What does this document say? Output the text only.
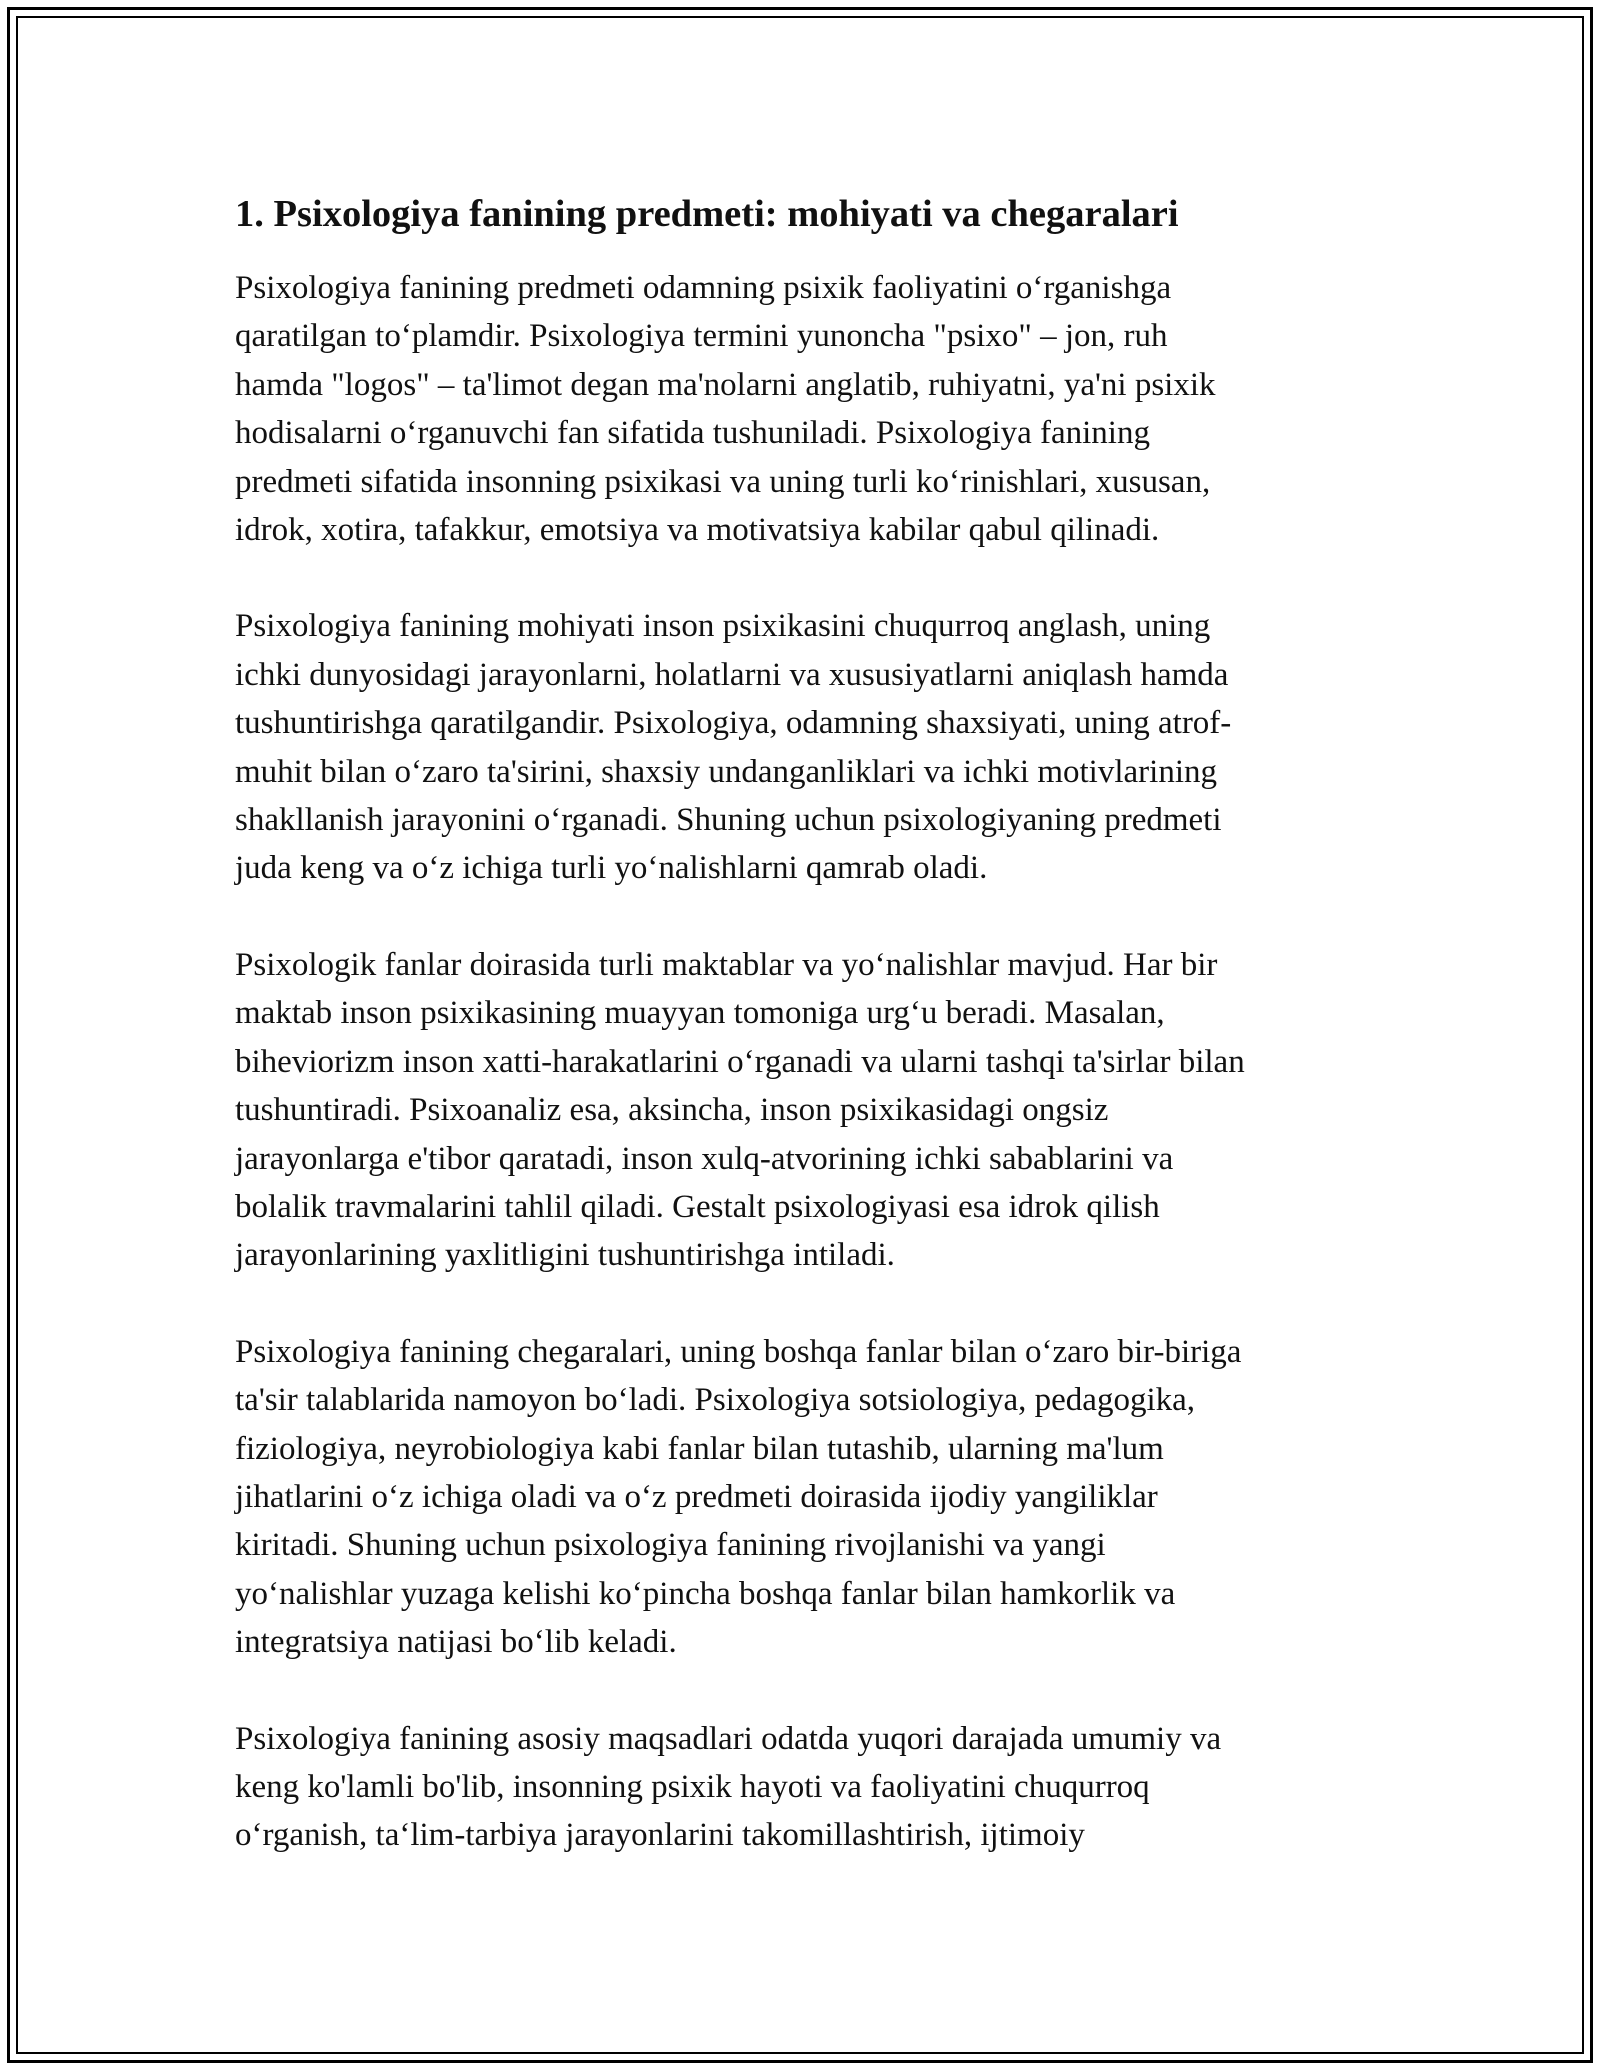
1. Psixologiya fanining predmeti: mohiyati va chegaralari

Psixologiya fanining predmeti odamning psixik faoliyatini o‘rganishga
qaratilgan to‘plamdir. Psixologiya termini yunoncha "psixo" – jon, ruh
hamda "logos" – ta'limot degan ma'nolarni anglatib, ruhiyatni, ya'ni psixik
hodisalarni o‘rganuvchi fan sifatida tushuniladi. Psixologiya fanining
predmeti sifatida insonning psixikasi va uning turli ko‘rinishlari, xususan,
idrok, xotira, tafakkur, emotsiya va motivatsiya kabilar qabul qilinadi.

Psixologiya fanining mohiyati inson psixikasini chuqurroq anglash, uning
ichki dunyosidagi jarayonlarni, holatlarni va xususiyatlarni aniqlash hamda
tushuntirishga qaratilgandir. Psixologiya, odamning shaxsiyati, uning atrof-
muhit bilan o‘zaro ta'sirini, shaxsiy undanganliklari va ichki motivlarining
shakllanish jarayonini o‘rganadi. Shuning uchun psixologiyaning predmeti
juda keng va o‘z ichiga turli yo‘nalishlarni qamrab oladi.

Psixologik fanlar doirasida turli maktablar va yo‘nalishlar mavjud. Har bir
maktab inson psixikasining muayyan tomoniga urg‘u beradi. Masalan,
biheviorizm inson xatti-harakatlarini o‘rganadi va ularni tashqi ta'sirlar bilan
tushuntiradi. Psixoanaliz esa, aksincha, inson psixikasidagi ongsiz
jarayonlarga e'tibor qaratadi, inson xulq-atvorining ichki sabablarini va
bolalik travmalarini tahlil qiladi. Gestalt psixologiyasi esa idrok qilish
jarayonlarining yaxlitligini tushuntirishga intiladi.

Psixologiya fanining chegaralari, uning boshqa fanlar bilan o‘zaro bir-biriga
ta'sir talablarida namoyon bo‘ladi. Psixologiya sotsiologiya, pedagogika,
fiziologiya, neyrobiologiya kabi fanlar bilan tutashib, ularning ma'lum
jihatlarini o‘z ichiga oladi va o‘z predmeti doirasida ijodiy yangiliklar
kiritadi. Shuning uchun psixologiya fanining rivojlanishi va yangi
yo‘nalishlar yuzaga kelishi ko‘pincha boshqa fanlar bilan hamkorlik va
integratsiya natijasi bo‘lib keladi.

Psixologiya fanining asosiy maqsadlari odatda yuqori darajada umumiy va
keng ko'lamli bo'lib, insonning psixik hayoti va faoliyatini chuqurroq
o‘rganish, ta‘lim-tarbiya jarayonlarini takomillashtirish, ijtimoiy
